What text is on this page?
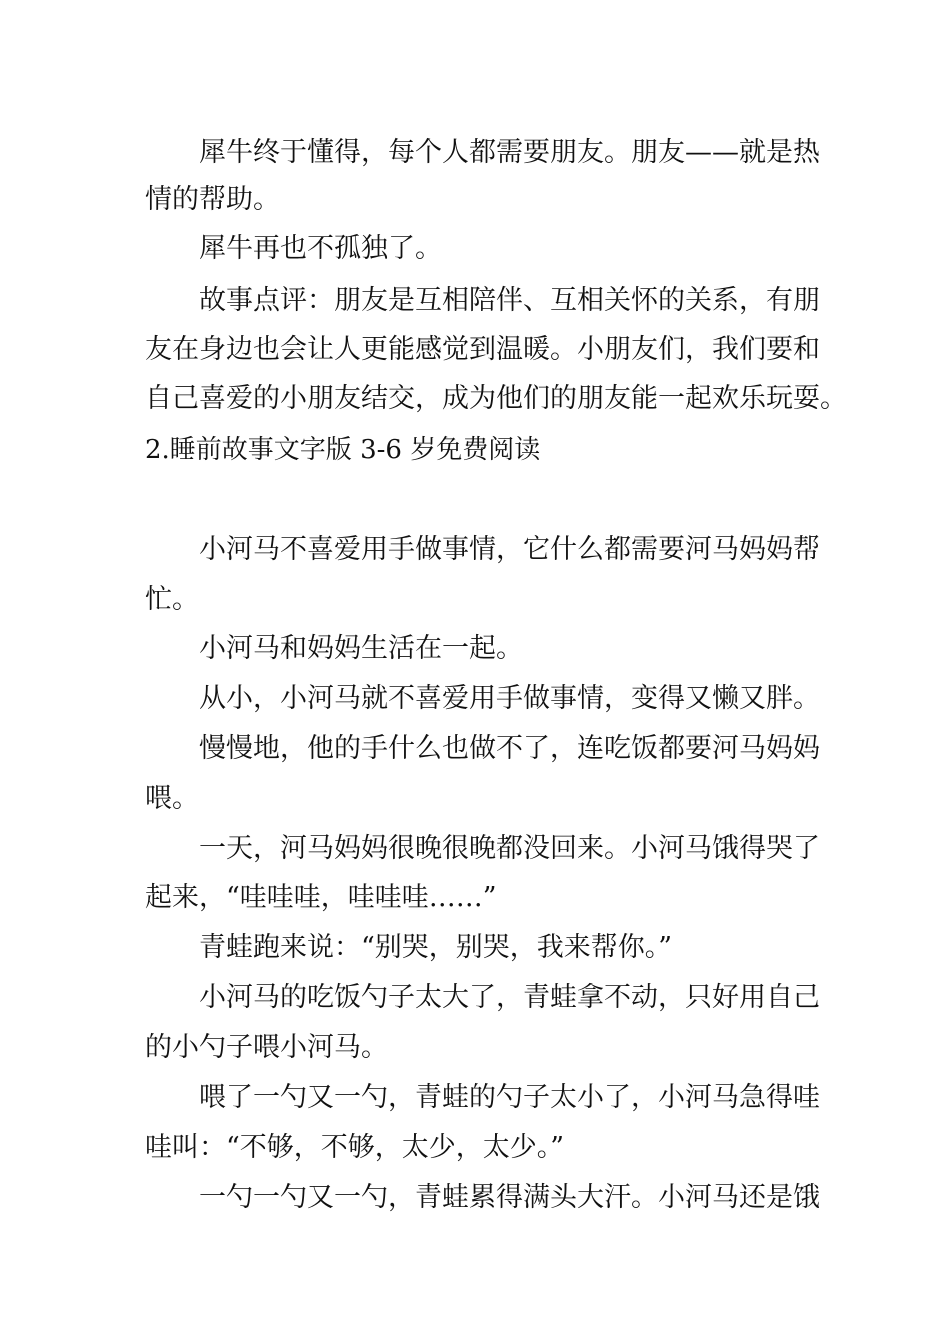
犀牛终于懂得，每个人都需要朋友。朋友——就是热

情的帮助。

犀牛再也不孤独了。

故事点评：朋友是互相陪伴、互相关怀的关系，有朋

友在身边也会让人更能感觉到温暖。小朋友们，我们要和

自己喜爱的小朋友结交，成为他们的朋友能一起欢乐玩耍。

2.睡前故事文字版 3-6 岁免费阅读

小河马不喜爱用手做事情，它什么都需要河马妈妈帮

忙。

小河马和妈妈生活在一起。

从小，小河马就不喜爱用手做事情，变得又懒又胖。

慢慢地，他的手什么也做不了，连吃饭都要河马妈妈

喂。

一天，河马妈妈很晚很晚都没回来。小河马饿得哭了

起来，“哇哇哇，哇哇哇……”

青蛙跑来说：“别哭，别哭，我来帮你。”

小河马的吃饭勺子太大了，青蛙拿不动，只好用自己

的小勺子喂小河马。

喂了一勺又一勺，青蛙的勺子太小了，小河马急得哇

哇叫：“不够，不够，太少，太少。”

一勺一勺又一勺，青蛙累得满头大汗。小河马还是饿
